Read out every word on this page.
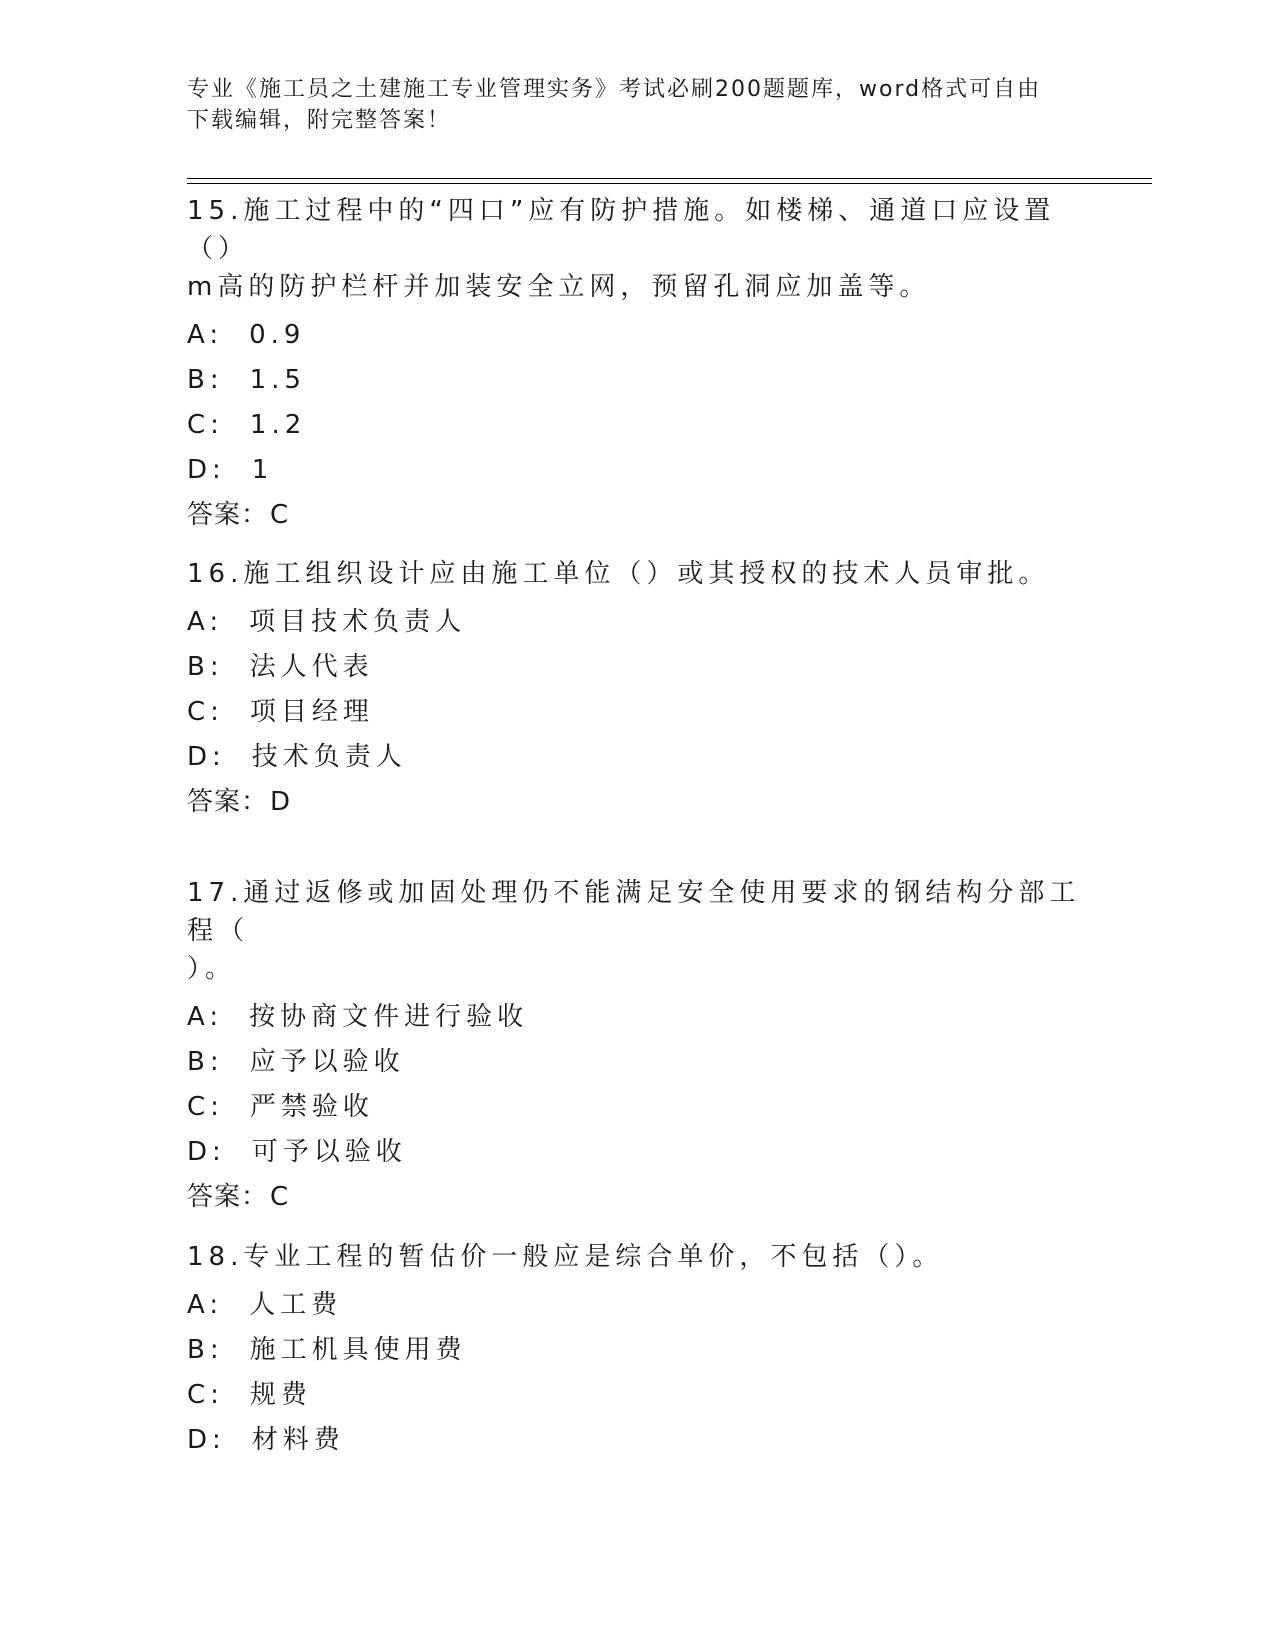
专业《施工员之土建施工专业管理实务》考试必刷200题题库，word格式可自由
下载编辑，附完整答案！

15.施工过程中的“四口”应有防护措施。如楼梯、通道口应设置（）

m高的防护栏杆并加装安全立网，预留孔洞应加盖等。

A: 0.9

B: 1.5

C: 1.2

D: 1

答案：C

16.施工组织设计应由施工单位（）或其授权的技术人员审批。

A: 项目技术负责人

B: 法人代表

C: 项目经理

D: 技术负责人

答案：D

17.通过返修或加固处理仍不能满足安全使用要求的钢结构分部工程（

）。

A: 按协商文件进行验收

B: 应予以验收

C: 严禁验收

D: 可予以验收

答案：C

18.专业工程的暂估价一般应是综合单价，不包括（）。

A: 人工费

B: 施工机具使用费

C: 规费

D: 材料费
